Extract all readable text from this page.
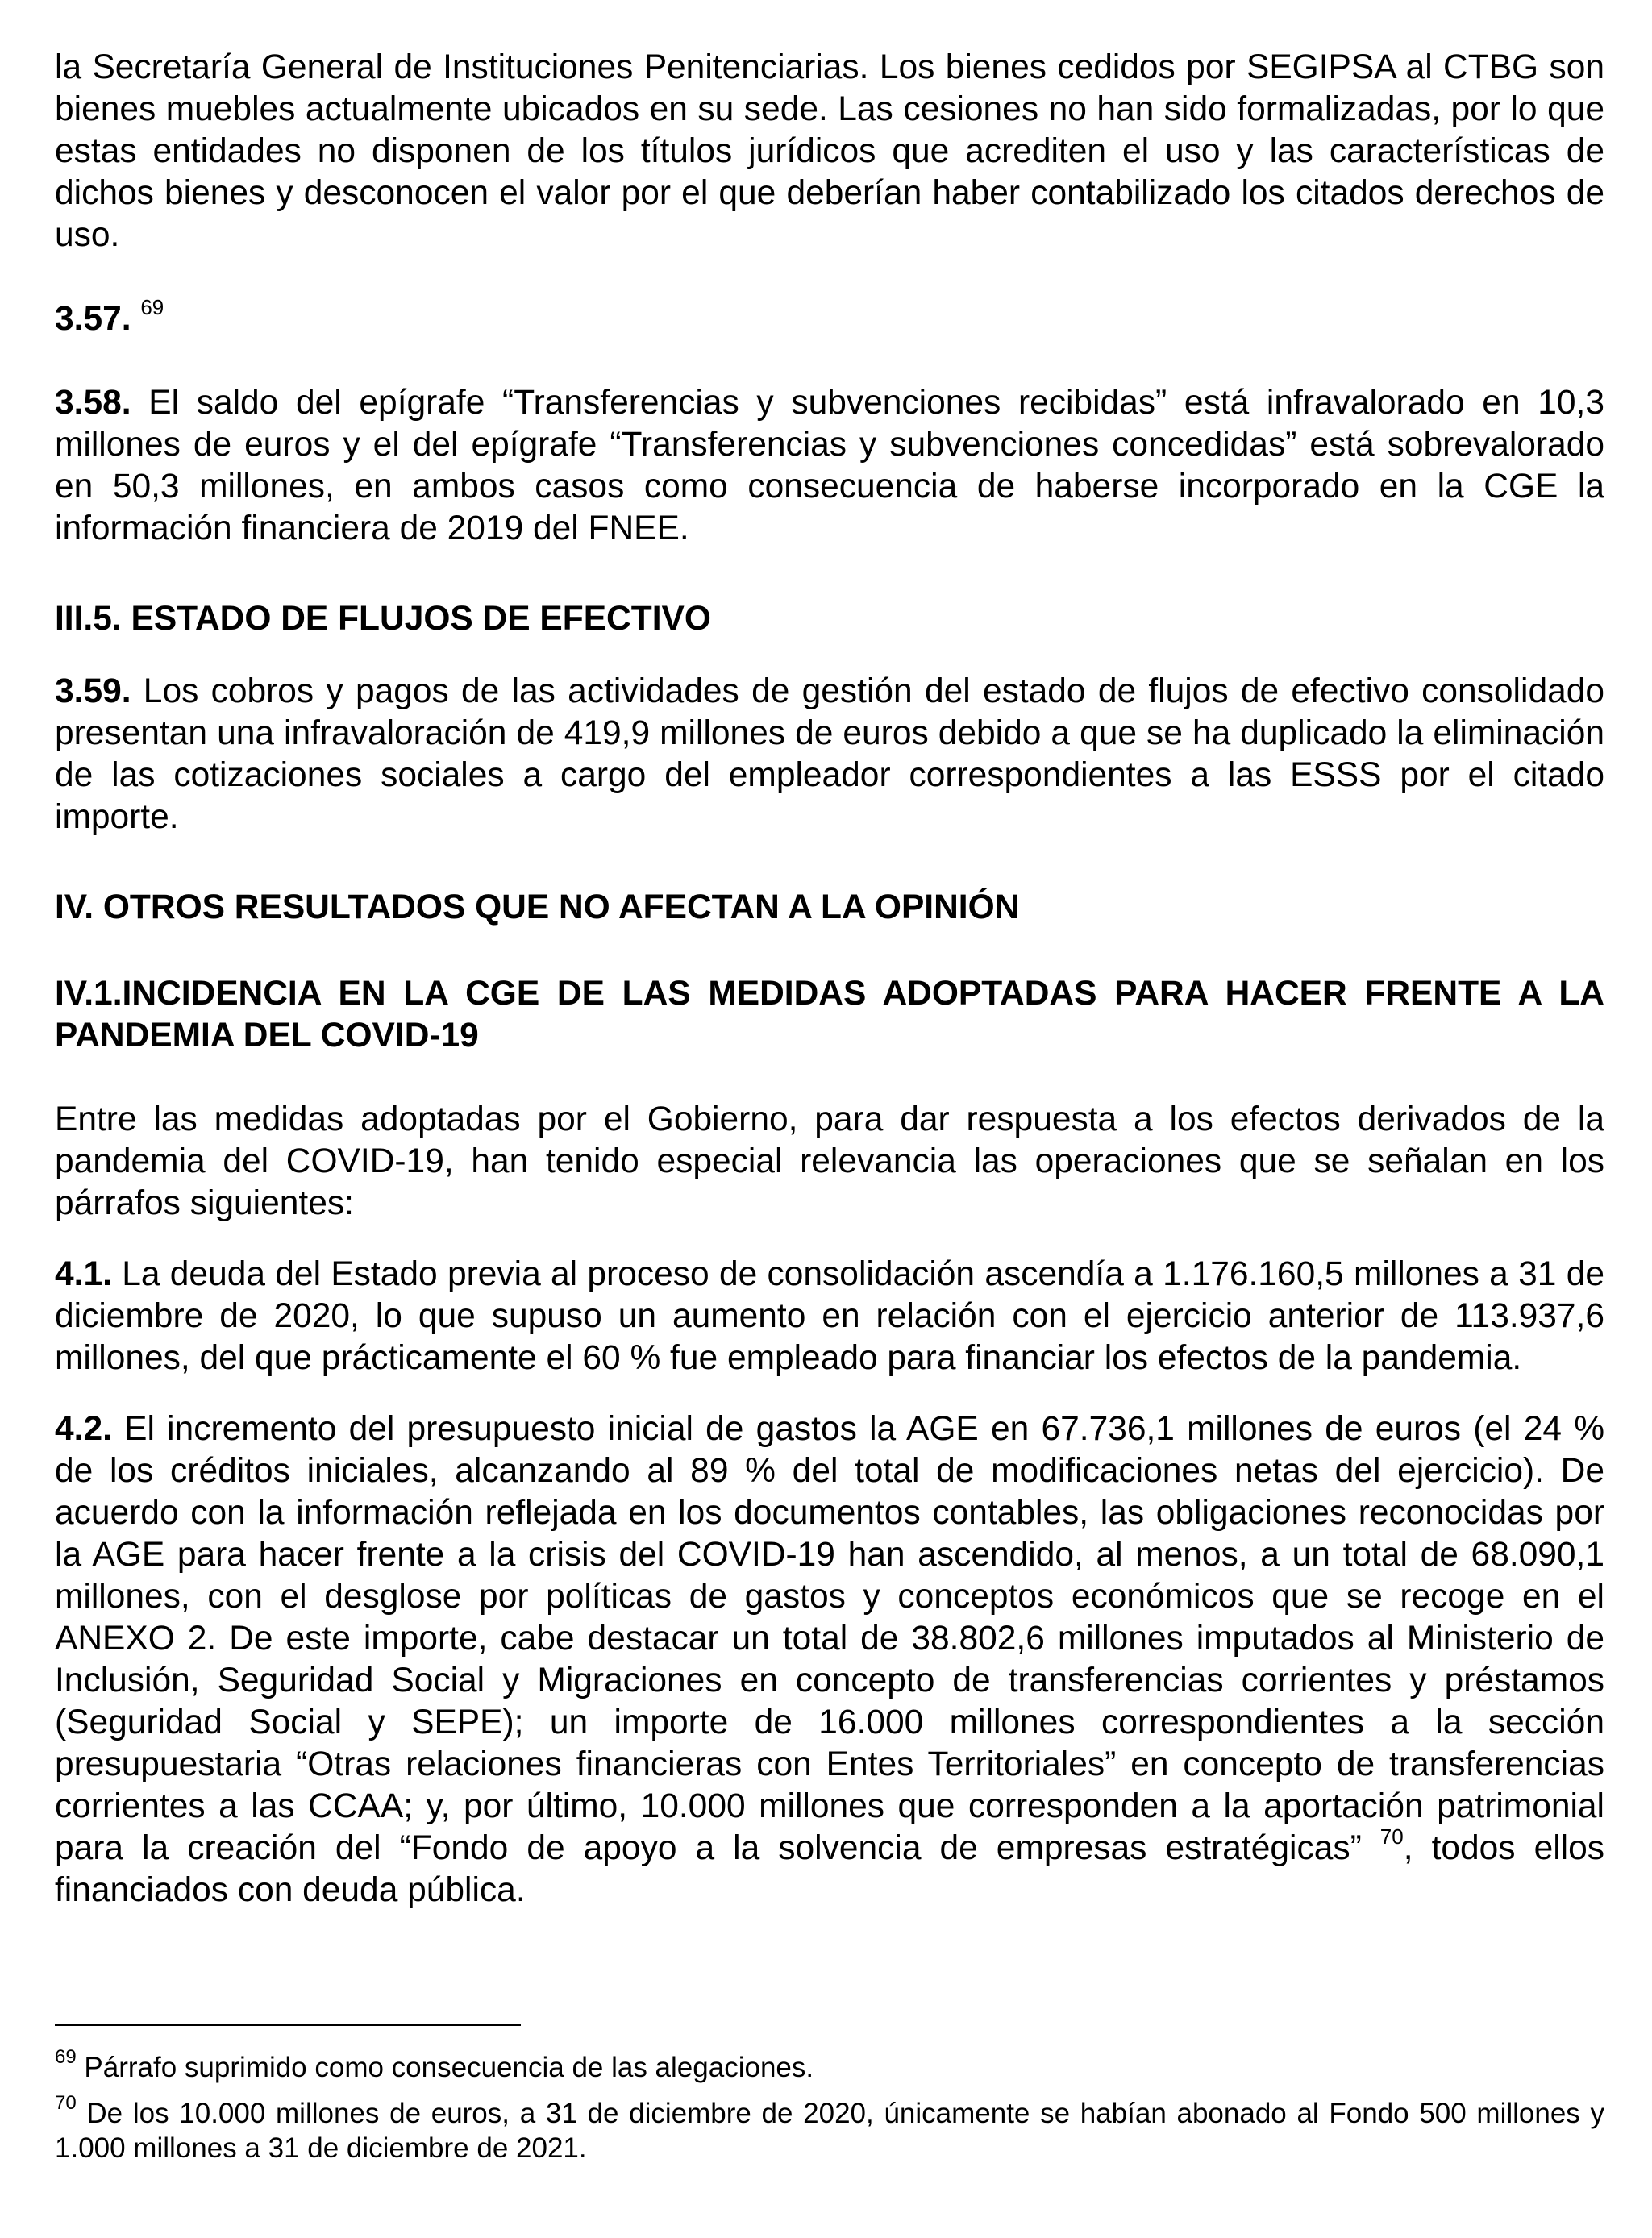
la Secretaría General de Instituciones Penitenciarias. Los bienes cedidos por SEGIPSA al CTBG son bienes muebles actualmente ubicados en su sede. Las cesiones no han sido formalizadas, por lo que estas entidades no disponen de los títulos jurídicos que acrediten el uso y las características de dichos bienes y desconocen el valor por el que deberían haber contabilizado los citados derechos de uso.

3.57. $^{69}$

3.58. El saldo del epígrafe “Transferencias y subvenciones recibidas” está infravalorado en 10,3 millones de euros y el del epígrafe “Transferencias y subvenciones concedidas” está sobrevalorado en 50,3 millones, en ambos casos como consecuencia de haberse incorporado en la CGE la información financiera de 2019 del FNEE.

III.5. ESTADO DE FLUJOS DE EFECTIVO

3.59. Los cobros y pagos de las actividades de gestión del estado de flujos de efectivo consolidado presentan una infravaloración de 419,9 millones de euros debido a que se ha duplicado la eliminación de las cotizaciones sociales a cargo del empleador correspondientes a las ESSS por el citado importe.

IV. OTROS RESULTADOS QUE NO AFECTAN A LA OPINIÓN

IV.1.INCIDENCIA EN LA CGE DE LAS MEDIDAS ADOPTADAS PARA HACER FRENTE A LA PANDEMIA DEL COVID-19

Entre las medidas adoptadas por el Gobierno, para dar respuesta a los efectos derivados de la pandemia del COVID-19, han tenido especial relevancia las operaciones que se señalan en los párrafos siguientes:

4.1. La deuda del Estado previa al proceso de consolidación ascendía a 1.176.160,5 millones a 31 de diciembre de 2020, lo que supuso un aumento en relación con el ejercicio anterior de 113.937,6 millones, del que prácticamente el 60 % fue empleado para financiar los efectos de la pandemia.

4.2. El incremento del presupuesto inicial de gastos la AGE en 67.736,1 millones de euros (el 24 % de los créditos iniciales, alcanzando al 89 % del total de modificaciones netas del ejercicio). De acuerdo con la información reflejada en los documentos contables, las obligaciones reconocidas por la AGE para hacer frente a la crisis del COVID-19 han ascendido, al menos, a un total de 68.090,1 millones, con el desglose por políticas de gastos y conceptos económicos que se recoge en el ANEXO 2. De este importe, cabe destacar un total de 38.802,6 millones imputados al Ministerio de Inclusión, Seguridad Social y Migraciones en concepto de transferencias corrientes y préstamos (Seguridad Social y SEPE); un importe de 16.000 millones correspondientes a la sección presupuestaria “Otras relaciones financieras con Entes Territoriales” en concepto de transferencias corrientes a las CCAA; y, por último, 10.000 millones que corresponden a la aportación patrimonial para la creación del “Fondo de apoyo a la solvencia de empresas estratégicas” $^{70}$, todos ellos financiados con deuda pública.

$^{69}$ Párrafo suprimido como consecuencia de las alegaciones.

$^{70}$ De los 10.000 millones de euros, a 31 de diciembre de 2020, únicamente se habían abonado al Fondo 500 millones y 1.000 millones a 31 de diciembre de 2021.
